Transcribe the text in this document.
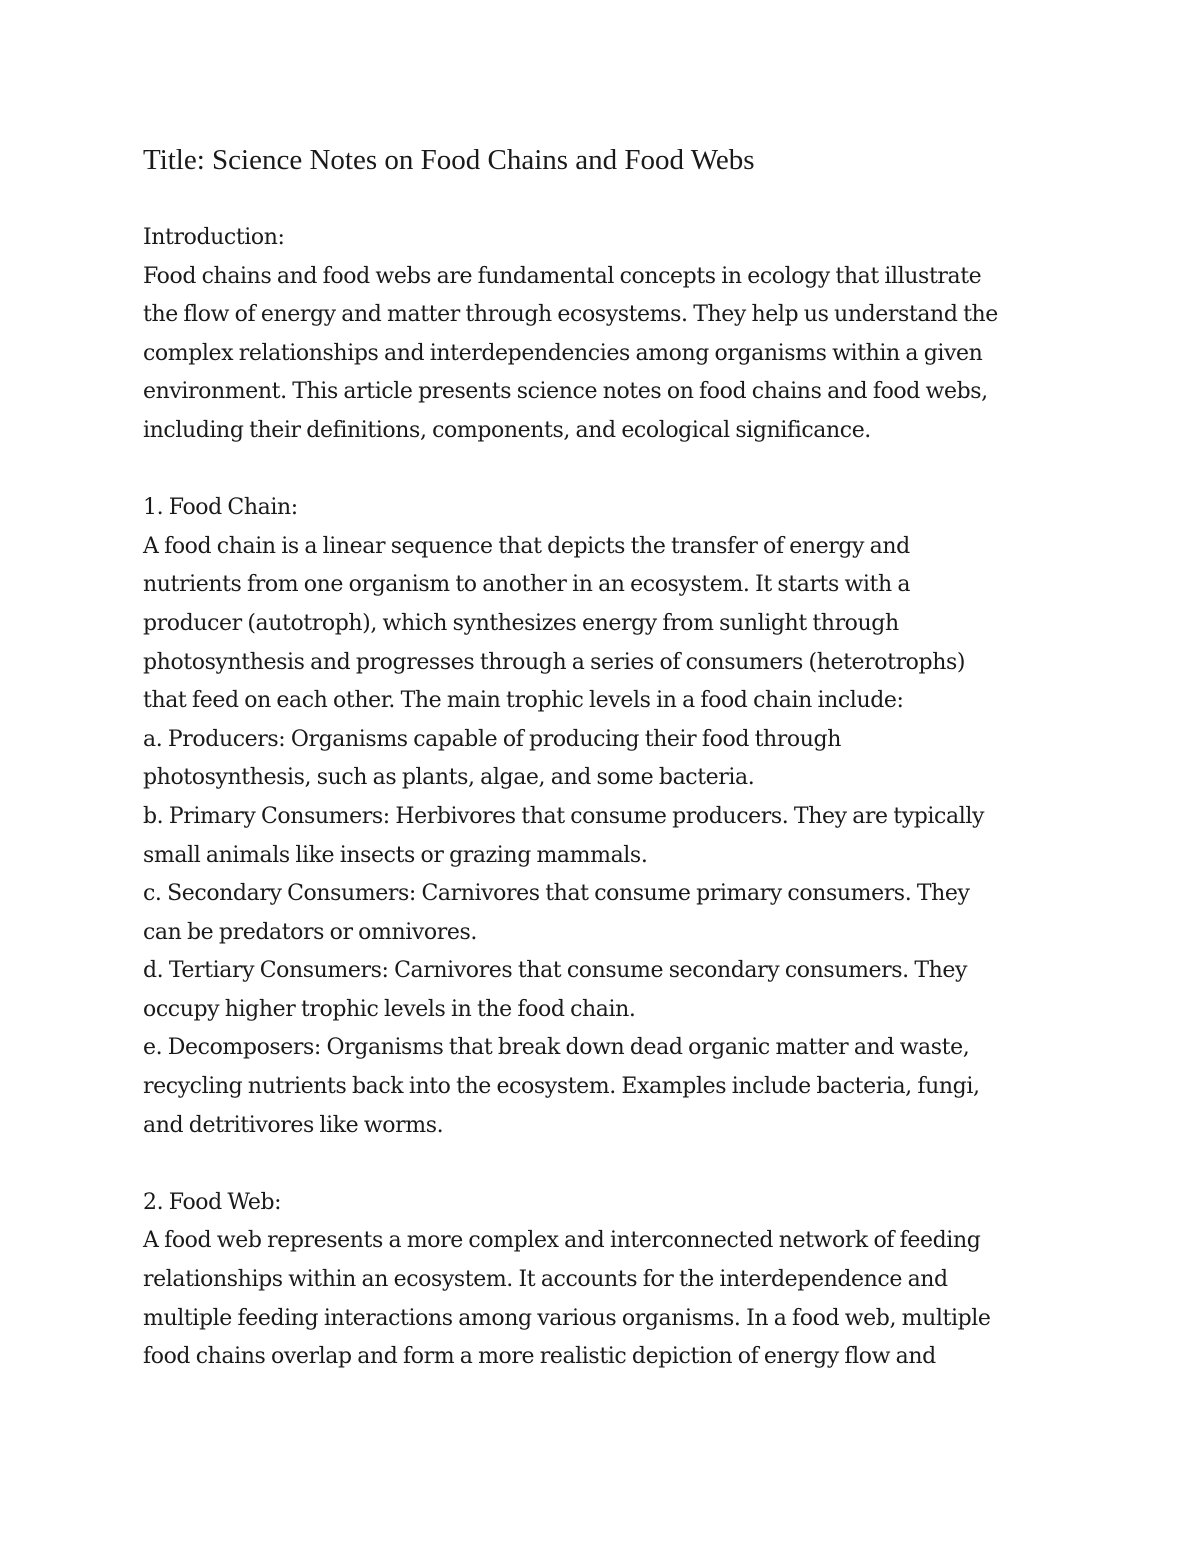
Title: Science Notes on Food Chains and Food Webs
Introduction:
Food chains and food webs are fundamental concepts in ecology that illustrate
the flow of energy and matter through ecosystems. They help us understand the
complex relationships and interdependencies among organisms within a given
environment. This article presents science notes on food chains and food webs,
including their definitions, components, and ecological significance.
1. Food Chain:
A food chain is a linear sequence that depicts the transfer of energy and
nutrients from one organism to another in an ecosystem. It starts with a
producer (autotroph), which synthesizes energy from sunlight through
photosynthesis and progresses through a series of consumers (heterotrophs)
that feed on each other. The main trophic levels in a food chain include:
a. Producers: Organisms capable of producing their food through
photosynthesis, such as plants, algae, and some bacteria.
b. Primary Consumers: Herbivores that consume producers. They are typically
small animals like insects or grazing mammals.
c. Secondary Consumers: Carnivores that consume primary consumers. They
can be predators or omnivores.
d. Tertiary Consumers: Carnivores that consume secondary consumers. They
occupy higher trophic levels in the food chain.
e. Decomposers: Organisms that break down dead organic matter and waste,
recycling nutrients back into the ecosystem. Examples include bacteria, fungi,
and detritivores like worms.
2. Food Web:
A food web represents a more complex and interconnected network of feeding
relationships within an ecosystem. It accounts for the interdependence and
multiple feeding interactions among various organisms. In a food web, multiple
food chains overlap and form a more realistic depiction of energy flow and
